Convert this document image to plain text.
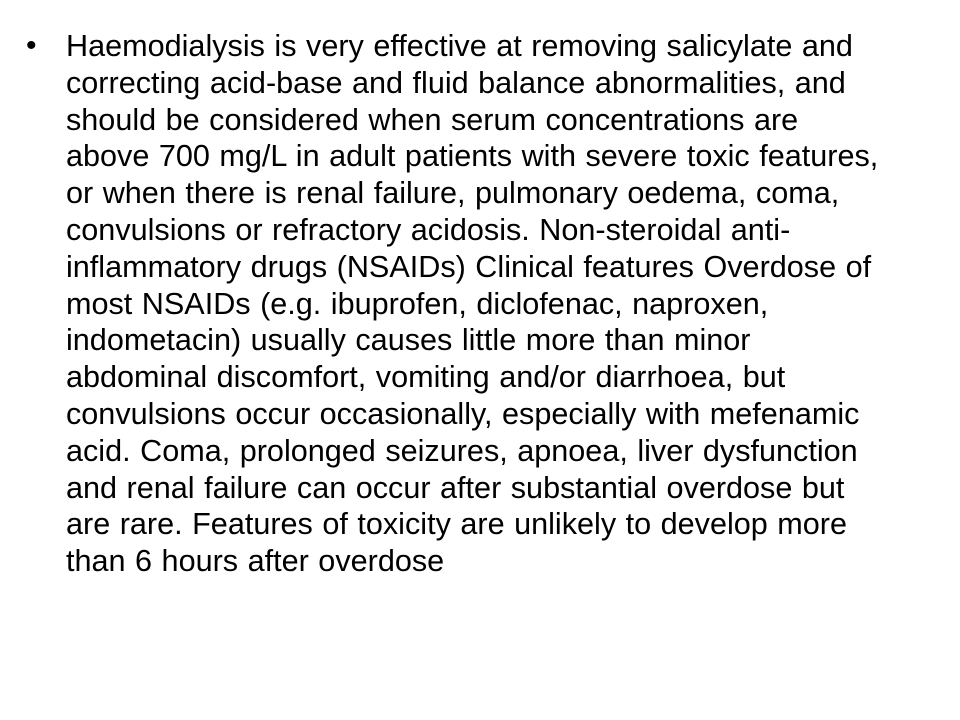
• Haemodialysis is very effective at removing salicylate and correcting acid-base and fluid balance abnormalities, and should be considered when serum concentrations are above 700 mg/L in adult patients with severe toxic features, or when there is renal failure, pulmonary oedema, coma, convulsions or refractory acidosis. Non-steroidal anti-inflammatory drugs (NSAIDs) Clinical features Overdose of most NSAIDs (e.g. ibuprofen, diclofenac, naproxen, indometacin) usually causes little more than minor abdominal discomfort, vomiting and/or diarrhoea, but convulsions occur occasionally, especially with mefenamic acid. Coma, prolonged seizures, apnoea, liver dysfunction and renal failure can occur after substantial overdose but are rare. Features of toxicity are unlikely to develop more than 6 hours after overdose
